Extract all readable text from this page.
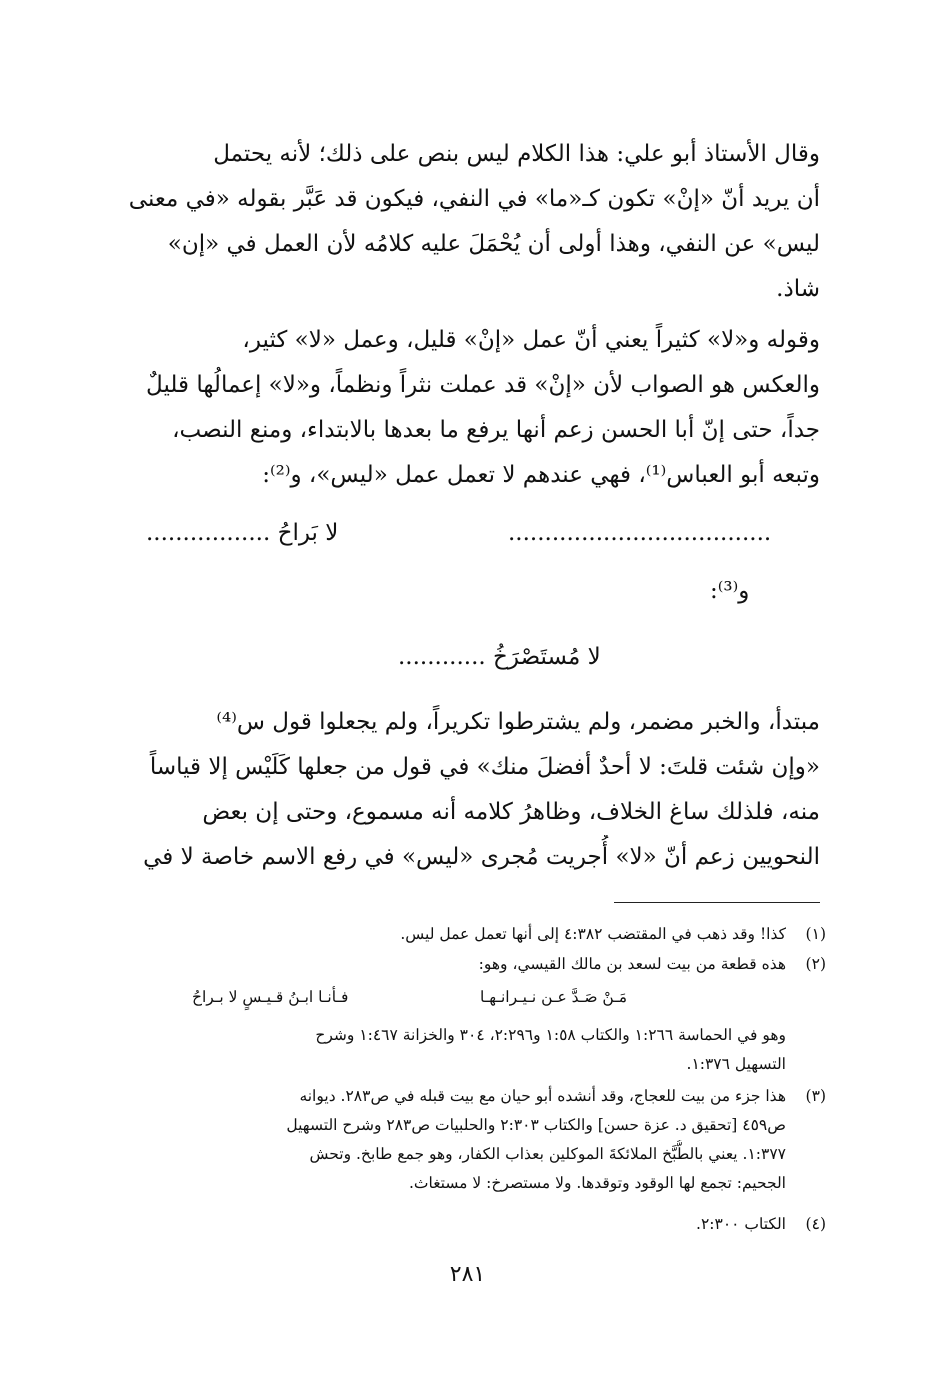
وقال الأستاذ أبو علي: هذا الكلام ليس بنص على ذلك؛ لأنه يحتمل
أن يريد أنّ «إنْ» تكون كـ«ما» في النفي، فيكون قد عَبَّر بقوله «في معنى
ليس» عن النفي، وهذا أولى أن يُحْمَلَ عليه كلامُه لأن العمل في «إن»
شاذ.
وقوله و«لا» كثيراً يعني أنّ عمل «إنْ» قليل، وعمل «لا» كثير،
والعكس هو الصواب لأن «إنْ» قد عملت نثراً ونظماً، و«لا» إعمالُها قليلٌ
جداً، حتى إنّ أبا الحسن زعم أنها يرفع ما بعدها بالابتداء، ومنع النصب،
وتبعه أبو العباس⁽¹⁾، فهي عندهم لا تعمل عمل «ليس»، و⁽²⁾:
....................................
لا بَراحُ .................
و⁽³⁾:
لا مُستَصْرَخُ ............
مبتدأ، والخبر مضمر، ولم يشترطوا تكريراً، ولم يجعلوا قول س⁽⁴⁾
«وإن شئت قلتَ: لا أحدٌ أفضلَ منك» في قول من جعلها كَلَيْس إلا قياساً
منه، فلذلك ساغ الخلاف، وظاهرُ كلامه أنه مسموع، وحتى إن بعض
النحويين زعم أنّ «لا» أُجريت مُجرى «ليس» في رفع الاسم خاصة لا في
(١)
كذا! وقد ذهب في المقتضب ٤:٣٨٢ إلى أنها تعمل عمل ليس.
(٢)
هذه قطعة من بيت لسعد بن مالك القيسي، وهو:
مَـنْ صَـدَّ عـن نـيـرانـهـا
فـأنـا ابـنُ قـيـسٍ لا بـراحُ
وهو في الحماسة ١:٢٦٦ والكتاب ١:٥٨ و٢:٢٩٦، ٣٠٤ والخزانة ١:٤٦٧ وشرح
التسهيل ١:٣٧٦.
(٣)
هذا جزء من بيت للعجاج، وقد أنشده أبو حيان مع بيت قبله في ص٢٨٣. ديوانه
ص٤٥٩ [تحقيق د. عزة حسن] والكتاب ٢:٣٠٣ والحلبيات ص٢٨٣ وشرح التسهيل
١:٣٧٧. يعني بالطُّبَّخ الملائكةَ الموكلين بعذاب الكفار، وهو جمع طابخ. وتحش
الجحيم: تجمع لها الوقود وتوقدها. ولا مستصرخ: لا مستغاث.
(٤)
الكتاب ٢:٣٠٠.
٢٨١
